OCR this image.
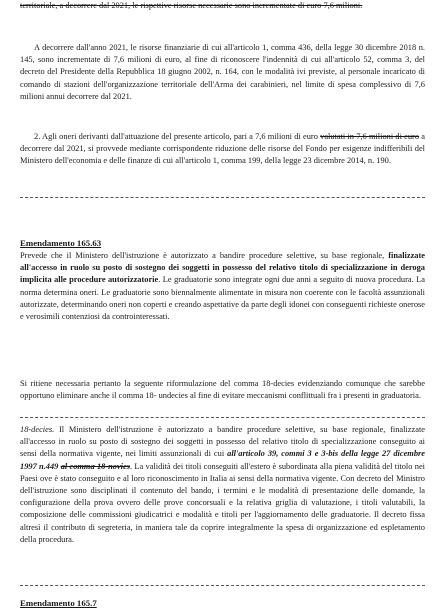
territoriale, a decorrere dal 2021, le rispettive risorse necessarie sono incrementate di euro 7,6 milioni.

A decorrere dall'anno 2021, le risorse finanziarie di cui all'articolo 1, comma 436, della legge 30 dicembre 2018 n. 145, sono incrementate di 7,6 milioni di euro, al fine di riconoscere l'indennità di cui all'articolo 52, comma 3, del decreto del Presidente della Repubblica 18 giugno 2002, n. 164, con le modalità ivi previste, al personale incaricato di comando di stazioni dell'organizzazione territoriale dell'Arma dei carabinieri, nel limite di spesa complessivo di 7,6 milioni annui decorrere dal 2021.

2. Agli oneri derivanti dall'attuazione del presente articolo, pari a 7,6 milioni di euro valutati in 7,6 milioni di euro a decorrere dal 2021, si provvede mediante corrispondente riduzione delle risorse del Fondo per esigenze indifferibili del Ministero dell'economia e delle finanze di cui all'articolo 1, comma 199, della legge 23 dicembre 2014, n. 190.

Emendamento 165.63

Prevede che il Ministero dell'istruzione è autorizzato a bandire procedure selettive, su base regionale, finalizzate all'accesso in ruolo su posto di sostegno dei soggetti in possesso del relativo titolo di specializzazione in deroga implicita alle procedure autorizzatorie. Le graduatorie sono integrate ogni due anni a seguito di nuova procedura. La norma determina oneri. Le graduatorie sono biennalmente alimentate in misura non coerente con le facoltà assunzionali autorizzate, determinando oneri non coperti e creando aspettative da parte degli idonei con conseguenti richieste onerose e verosimili contenziosi da controinteressati.

Si ritiene necessaria pertanto la seguente riformulazione del comma 18-decies evidenziando comunque che sarebbe opportuno eliminare anche il comma 18- undecies al fine di evitare meccanismi conflittuali fra i presenti in graduatoria.

18-decies. Il Ministero dell'istruzione è autorizzato a bandire procedure selettive, su base regionale, finalizzate all'accesso in ruolo su posto di sostegno dei soggetti in possesso del relativo titolo di specializzazione conseguito ai sensi della normativa vigente, nei limiti assunzionali di cui all'articolo 39, commi 3 e 3-bis della legge 27 dicembre 1997 n.449 al comma 18-novies. La validità dei titoli conseguiti all'estero è subordinata alla piena validità del titolo nei Paesi ove è stato conseguito e al loro riconoscimento in Italia ai sensi della normativa vigente. Con decreto del Ministro dell'istruzione sono disciplinati il contenuto del bando, i termini e le modalità di presentazione delle domande, la configurazione della prova ovvero delle prove concorsuali e la relativa griglia di valutazione, i titoli valutabili, la composizione delle commissioni giudicatrici e modalità e titoli per l'aggiornamento delle graduatorie. Il decreto fissa altresì il contributo di segreteria, in maniera tale da coprire integralmente la spesa di organizzazione ed espletamento della procedura.

Emendamento 165.7
